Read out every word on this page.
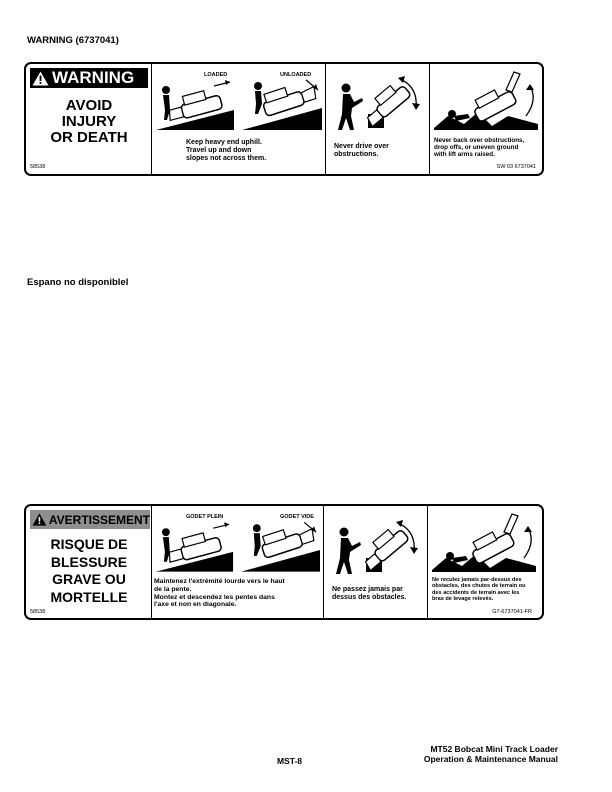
WARNING (6737041)
WARNING
AVOID
INJURY
OR DEATH
58538
LOADED	UNLOADED
Keep heavy end uphill.
Travel up and down
slopes not across them.
Never drive over
obstructions.
Never back over obstructions,
drop offs, or uneven ground
with lift arms raised.
SW 03 6737041
Espano no disponiblel
AVERTISSEMENT
RISQUE DE
BLESSURE
GRAVE OU
MORTELLE
58538
GODET PLEIN	GODET VIDE
Maintenez l'extrémité lourde vers le haut
de la pente.
Montez et descendez les pentes dans
l'axe et non en diagonale.
Ne passez jamais par
dessus des obstacles.
Ne reculez jamais par-dessus des
obstacles, des chutes de terrain ou
des accidents de terrain avec les
bras de levage relevés.
G7-6737041-FR
MST-8
MT52 Bobcat Mini Track Loader
Operation & Maintenance Manual
